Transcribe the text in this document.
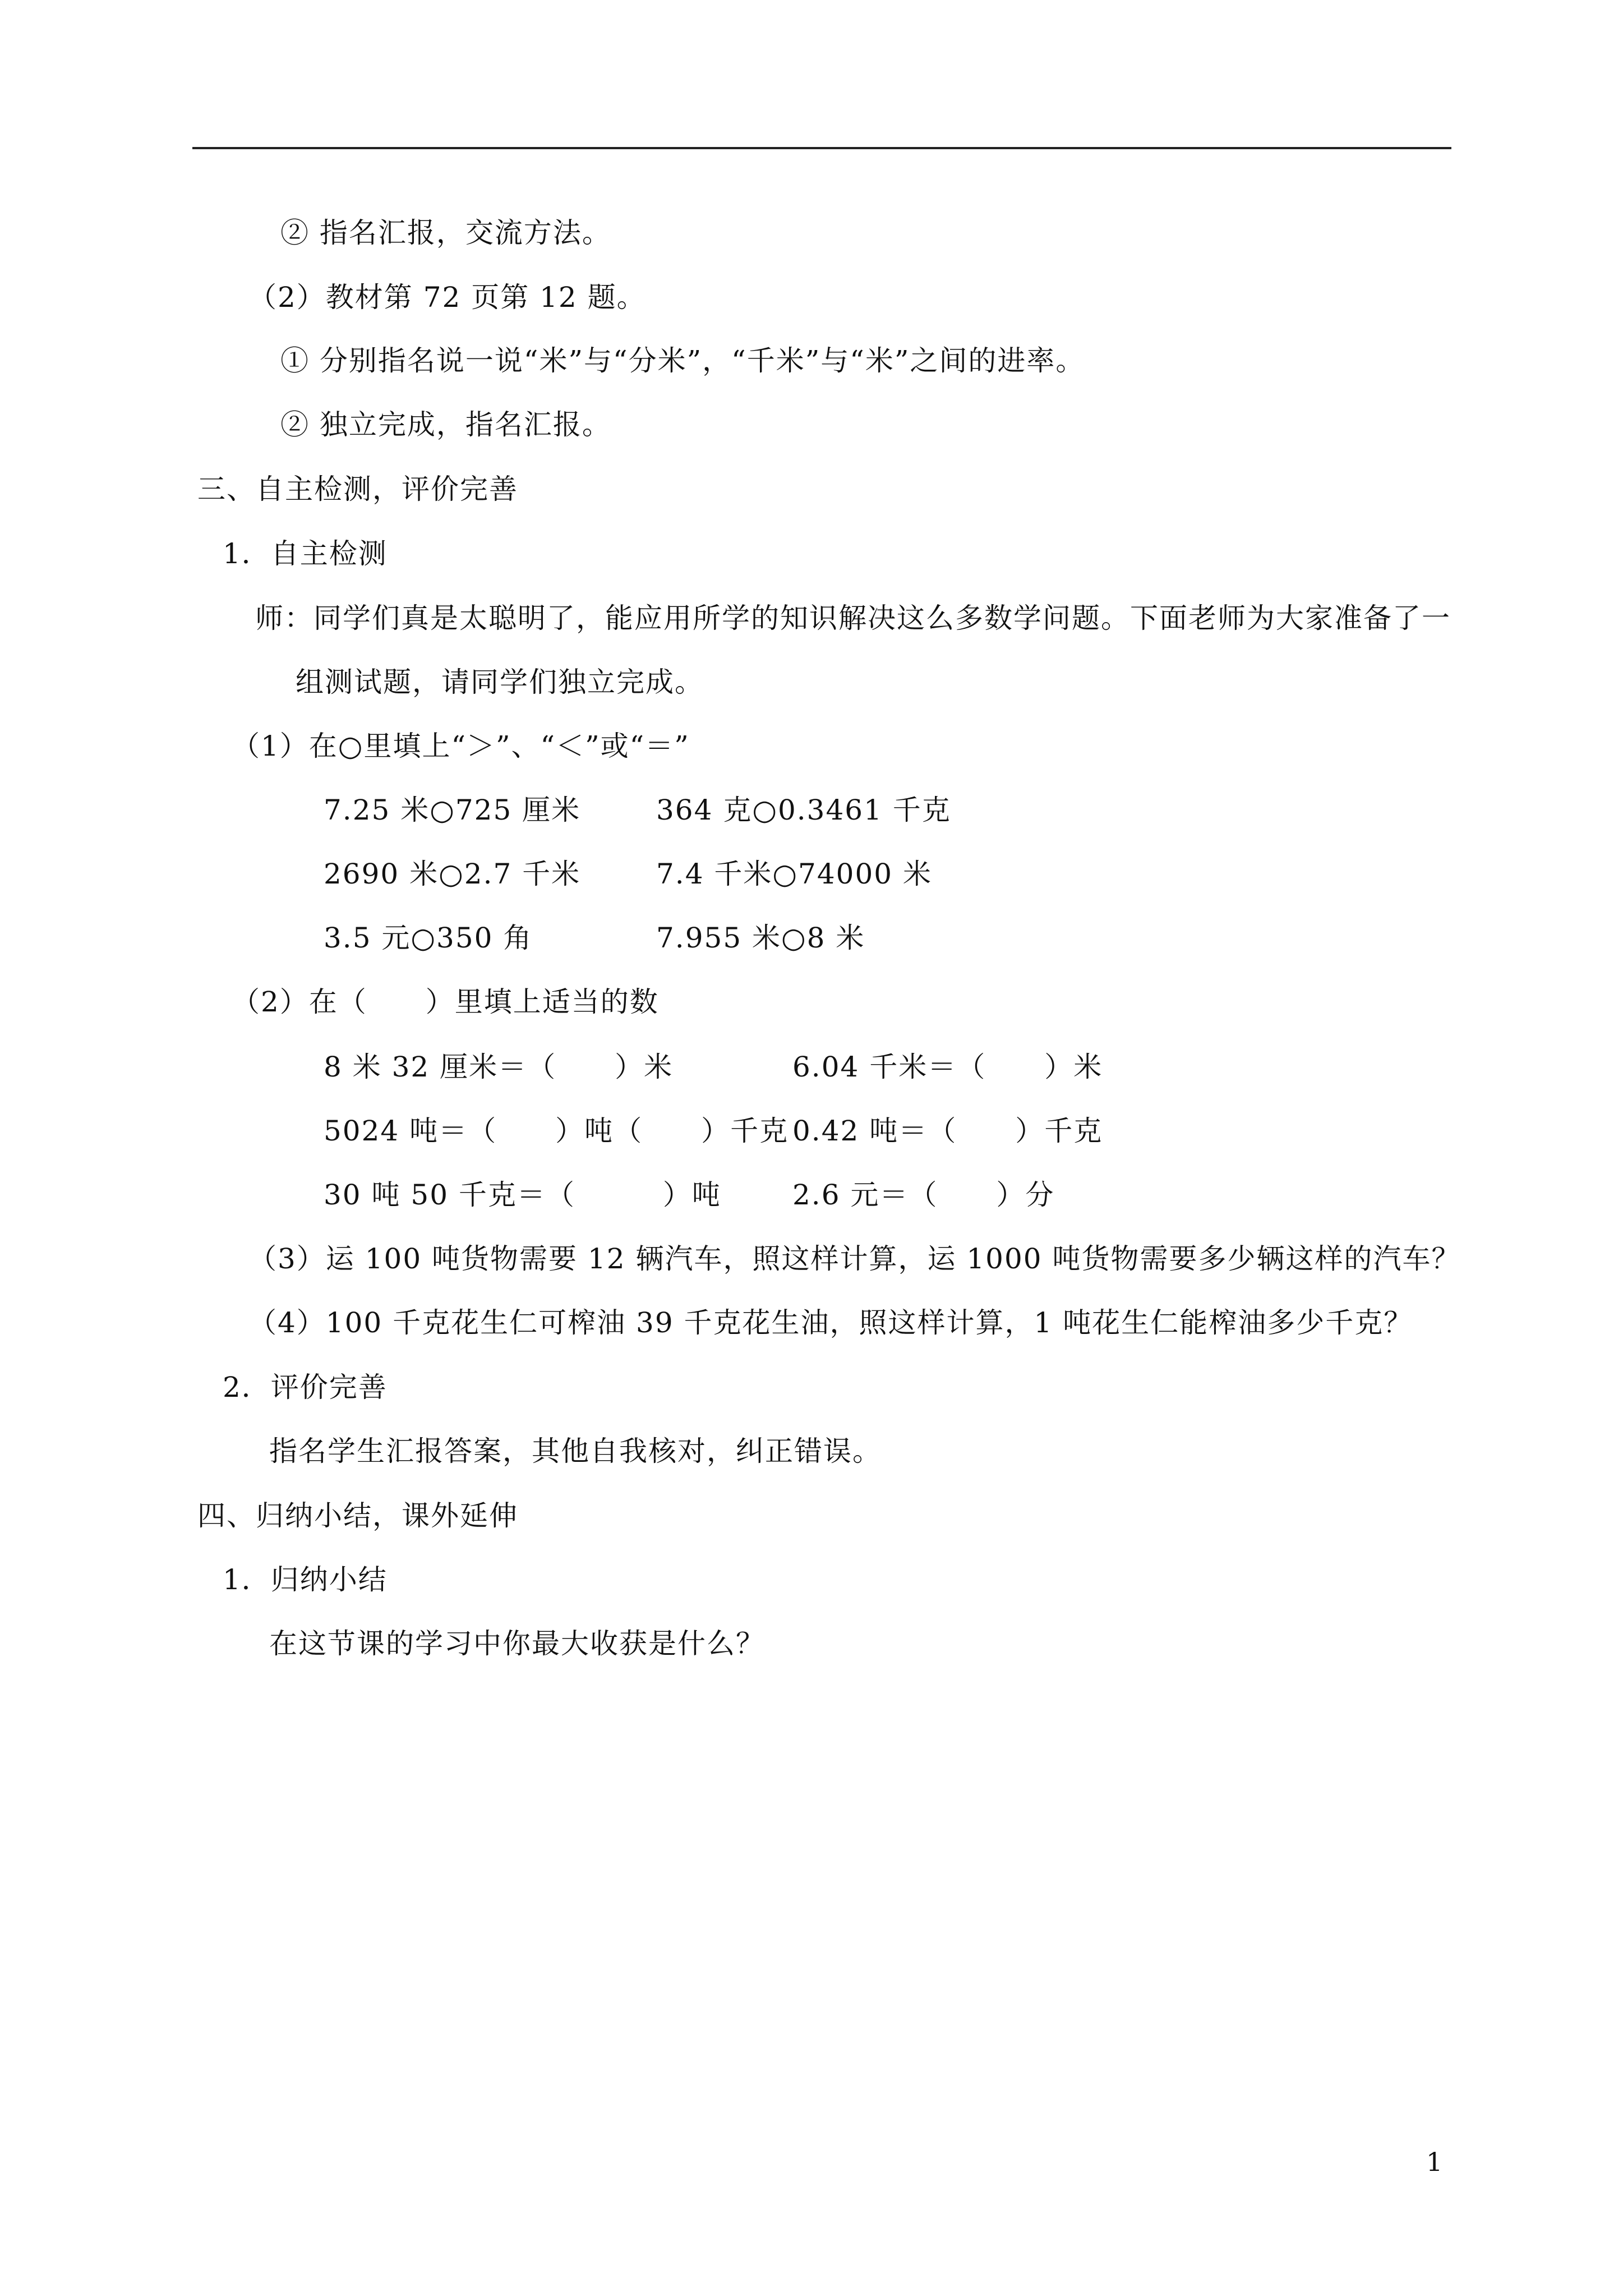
② 指名汇报，交流方法。
（2）教材第 72 页第 12 题。
① 分别指名说一说“米”与“分米”，“千米”与“米”之间的进率。
② 独立完成，指名汇报。
三、自主检测，评价完善
1．自主检测
师：同学们真是太聪明了，能应用所学的知识解决这么多数学问题。下面老师为大家准备了一
组测试题，请同学们独立完成。
（1）在○里填上“＞”、“＜”或“＝”
7.25 米○725 厘米	364 克○0.3461 千克
2690 米○2.7 千米	7.4 千米○74000 米
3.5 元○350 角	7.955 米○8 米
（2）在（　　）里填上适当的数
8 米 32 厘米＝（　　）米	6.04 千米＝（　　）米
5024 吨＝（　　）吨（　　）千克 0.42 吨＝（　　）千克
30 吨 50 千克＝（　　　）吨	2.6 元＝（　　）分
（3）运 100 吨货物需要 12 辆汽车，照这样计算，运 1000 吨货物需要多少辆这样的汽车？
（4）100 千克花生仁可榨油 39 千克花生油，照这样计算，1 吨花生仁能榨油多少千克？
2．评价完善
指名学生汇报答案，其他自我核对，纠正错误。
四、归纳小结，课外延伸
1．归纳小结
在这节课的学习中你最大收获是什么？
1
